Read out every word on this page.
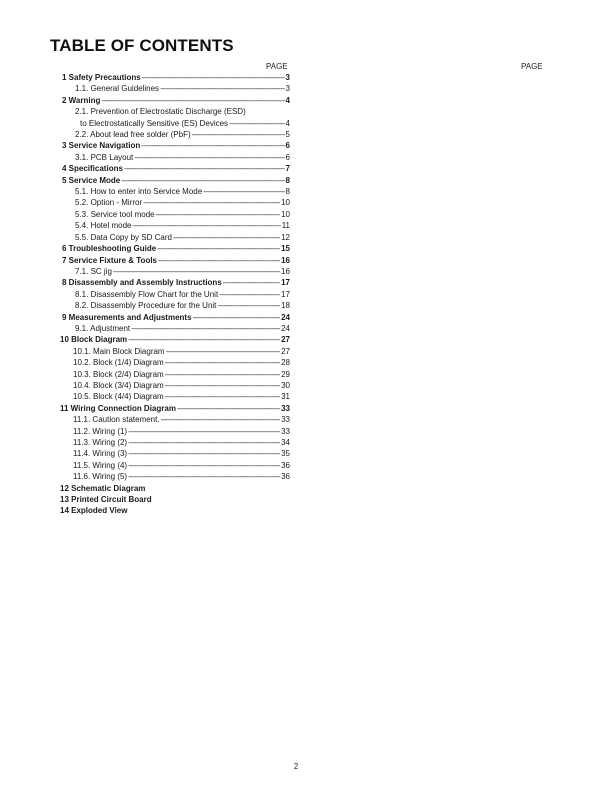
TABLE OF CONTENTS
PAGE	PAGE
1 Safety Precautions -----	3
1.1. General Guidelines -----	3
2 Warning -----	4
2.1. Prevention of Electrostatic Discharge (ESD)
to Electrostatically Sensitive (ES) Devices -----	4
2.2. About lead free solder (PbF) -----	5
3 Service Navigation -----	6
3.1. PCB Layout -----	6
4 Specifications -----	7
5 Service Mode -----	8
5.1. How to enter into Service Mode -----	8
5.2. Option - Mirror -----	10
5.3. Service tool mode -----	10
5.4. Hotel mode -----	11
5.5. Data Copy by SD Card -----	12
6 Troubleshooting Guide -----	15
7 Service Fixture & Tools -----	16
7.1. SC jig -----	16
8 Disassembly and Assembly Instructions -----	17
8.1. Disassembly Flow Chart for the Unit -----	17
8.2. Disassembly Procedure for the Unit -----	18
9 Measurements and Adjustments -----	24
9.1. Adjustment -----	24
10 Block Diagram -----	27
10.1. Main Block Diagram -----	27
10.2. Block (1/4) Diagram -----	28
10.3. Block (2/4) Diagram -----	29
10.4. Block (3/4) Diagram -----	30
10.5. Block (4/4) Diagram -----	31
11 Wiring Connection Diagram -----	33
11.1. Caution statement. -----	33
11.2. Wiring (1) -----	33
11.3. Wiring (2) -----	34
11.4. Wiring (3) -----	35
11.5. Wiring (4) -----	36
11.6. Wiring (5) -----	36
12 Schematic Diagram
13 Printed Circuit Board
14 Exploded View
2
